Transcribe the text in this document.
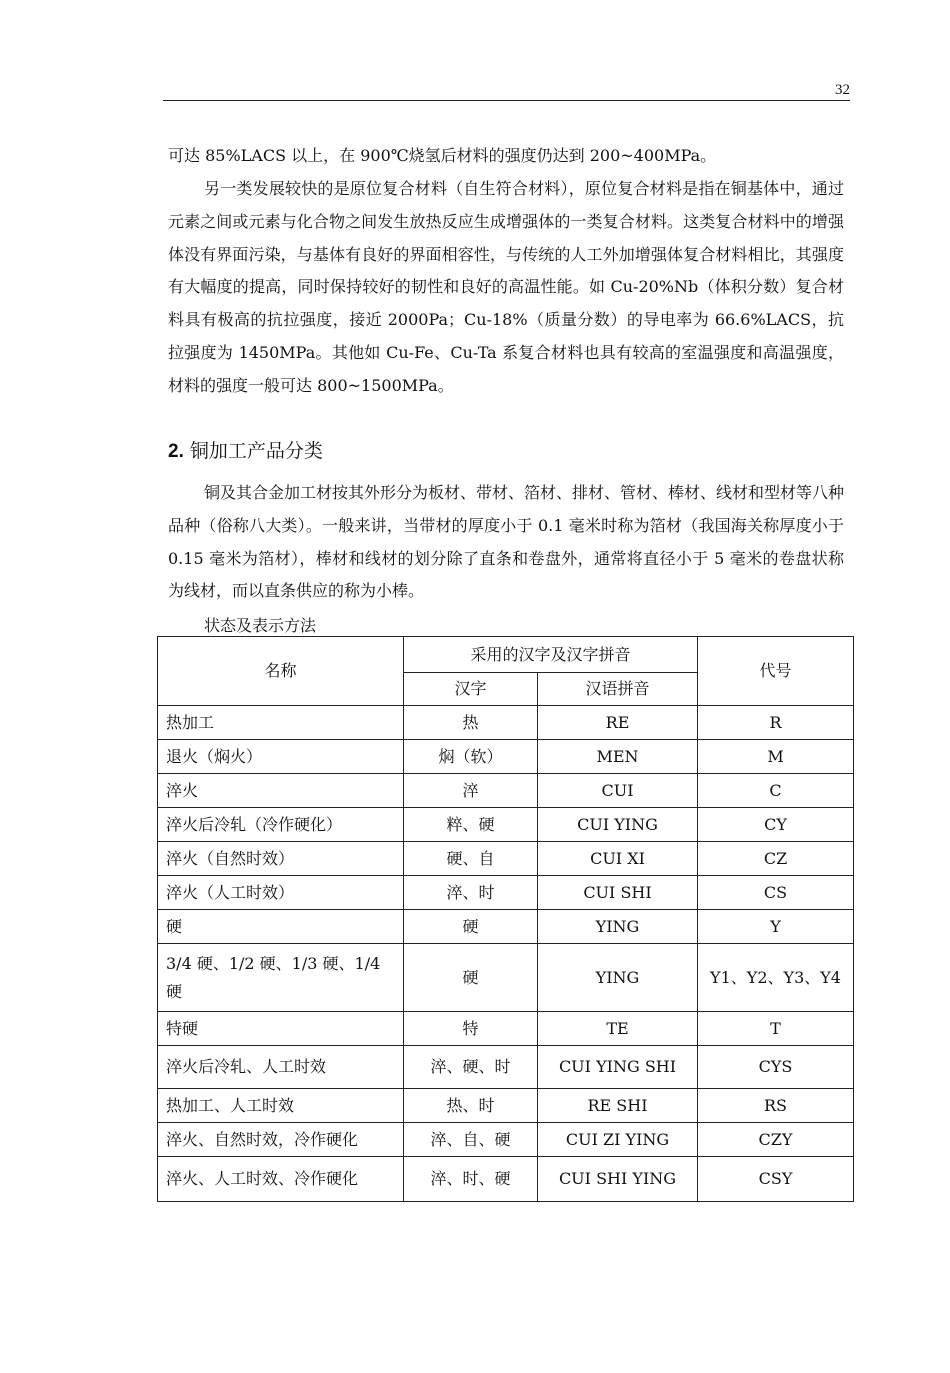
32

可达 85%LACS 以上，在 900℃烧氢后材料的强度仍达到 200~400MPa。

另一类发展较快的是原位复合材料（自生符合材料），原位复合材料是指在铜基体中，通过元素之间或元素与化合物之间发生放热反应生成增强体的一类复合材料。这类复合材料中的增强体没有界面污染，与基体有良好的界面相容性，与传统的人工外加增强体复合材料相比，其强度有大幅度的提高，同时保持较好的韧性和良好的高温性能。如 Cu-20%Nb（体积分数）复合材料具有极高的抗拉强度，接近 2000Pa；Cu-18%（质量分数）的导电率为 66.6%LACS，抗拉强度为 1450MPa。其他如 Cu-Fe、Cu-Ta 系复合材料也具有较高的室温强度和高温强度，材料的强度一般可达 800~1500MPa。

2. 铜加工产品分类

铜及其合金加工材按其外形分为板材、带材、箔材、排材、管材、棒材、线材和型材等八种品种（俗称八大类）。一般来讲，当带材的厚度小于 0.1 毫米时称为箔材（我国海关称厚度小于 0.15 毫米为箔材），棒材和线材的划分除了直条和卷盘外，通常将直径小于 5 毫米的卷盘状称为线材，而以直条供应的称为小棒。

状态及表示方法

名称	采用的汉字及汉字拼音		代号
	汉字	汉语拼音	
热加工	热	RE	R
退火（焖火）	焖（软）	MEN	M
淬火	淬	CUI	C
淬火后冷轧（冷作硬化）	粹、硬	CUI YING	CY
淬火（自然时效）	硬、自	CUI XI	CZ
淬火（人工时效）	淬、时	CUI SHI	CS
硬	硬	YING	Y
3/4 硬、1/2 硬、1/3 硬、1/4 硬	硬	YING	Y1、Y2、Y3、Y4
特硬	特	TE	T
淬火后冷轧、人工时效	淬、硬、时	CUI YING SHI	CYS
热加工、人工时效	热、时	RE SHI	RS
淬火、自然时效，冷作硬化	淬、自、硬	CUI ZI YING	CZY
淬火、人工时效、冷作硬化	淬、时、硬	CUI SHI YING	CSY
